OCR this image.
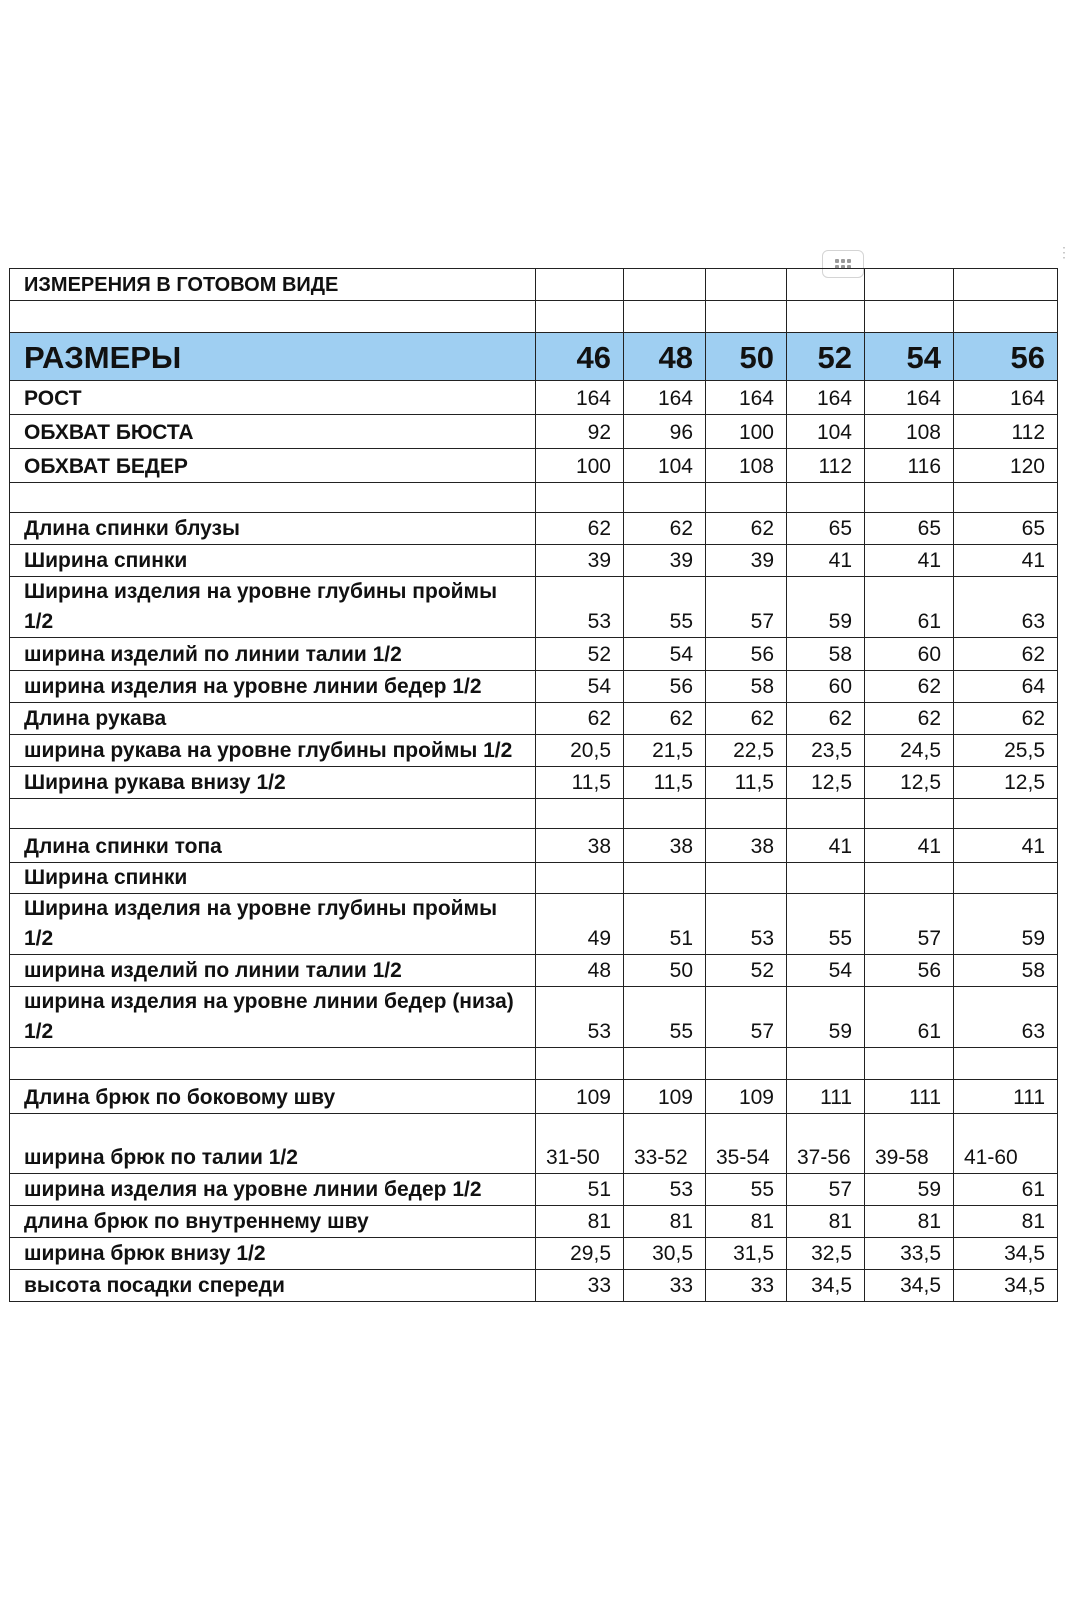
⋮
ИЗМЕРЕНИЯ В ГОТОВОМ ВИДЕ						

РАЗМЕРЫ	46	48	50	52	54	56
РОСТ	164	164	164	164	164	164
ОБХВАТ БЮСТА	92	96	100	104	108	112
ОБХВАТ БЕДЕР	100	104	108	112	116	120

Длина спинки блузы	62	62	62	65	65	65
Ширина спинки	39	39	39	41	41	41
Ширина изделия на уровне глубины проймы 1/2	53	55	57	59	61	63
ширина изделий по линии талии 1/2	52	54	56	58	60	62
ширина изделия на уровне линии бедер 1/2	54	56	58	60	62	64
Длина рукава	62	62	62	62	62	62
ширина рукава на уровне глубины проймы 1/2	20,5	21,5	22,5	23,5	24,5	25,5
Ширина рукава внизу 1/2	11,5	11,5	11,5	12,5	12,5	12,5

Длина спинки топа	38	38	38	41	41	41
Ширина спинки						
Ширина изделия на уровне глубины проймы 1/2	49	51	53	55	57	59
ширина изделий по линии талии 1/2	48	50	52	54	56	58
ширина изделия на уровне линии бедер (низа) 1/2	53	55	57	59	61	63

Длина брюк по боковому шву	109	109	109	111	111	111
ширина брюк по талии 1/2	31-50	33-52	35-54	37-56	39-58	41-60
ширина изделия на уровне линии бедер 1/2	51	53	55	57	59	61
длина брюк по внутреннему шву	81	81	81	81	81	81
ширина брюк внизу 1/2	29,5	30,5	31,5	32,5	33,5	34,5
высота посадки спереди	33	33	33	34,5	34,5	34,5
